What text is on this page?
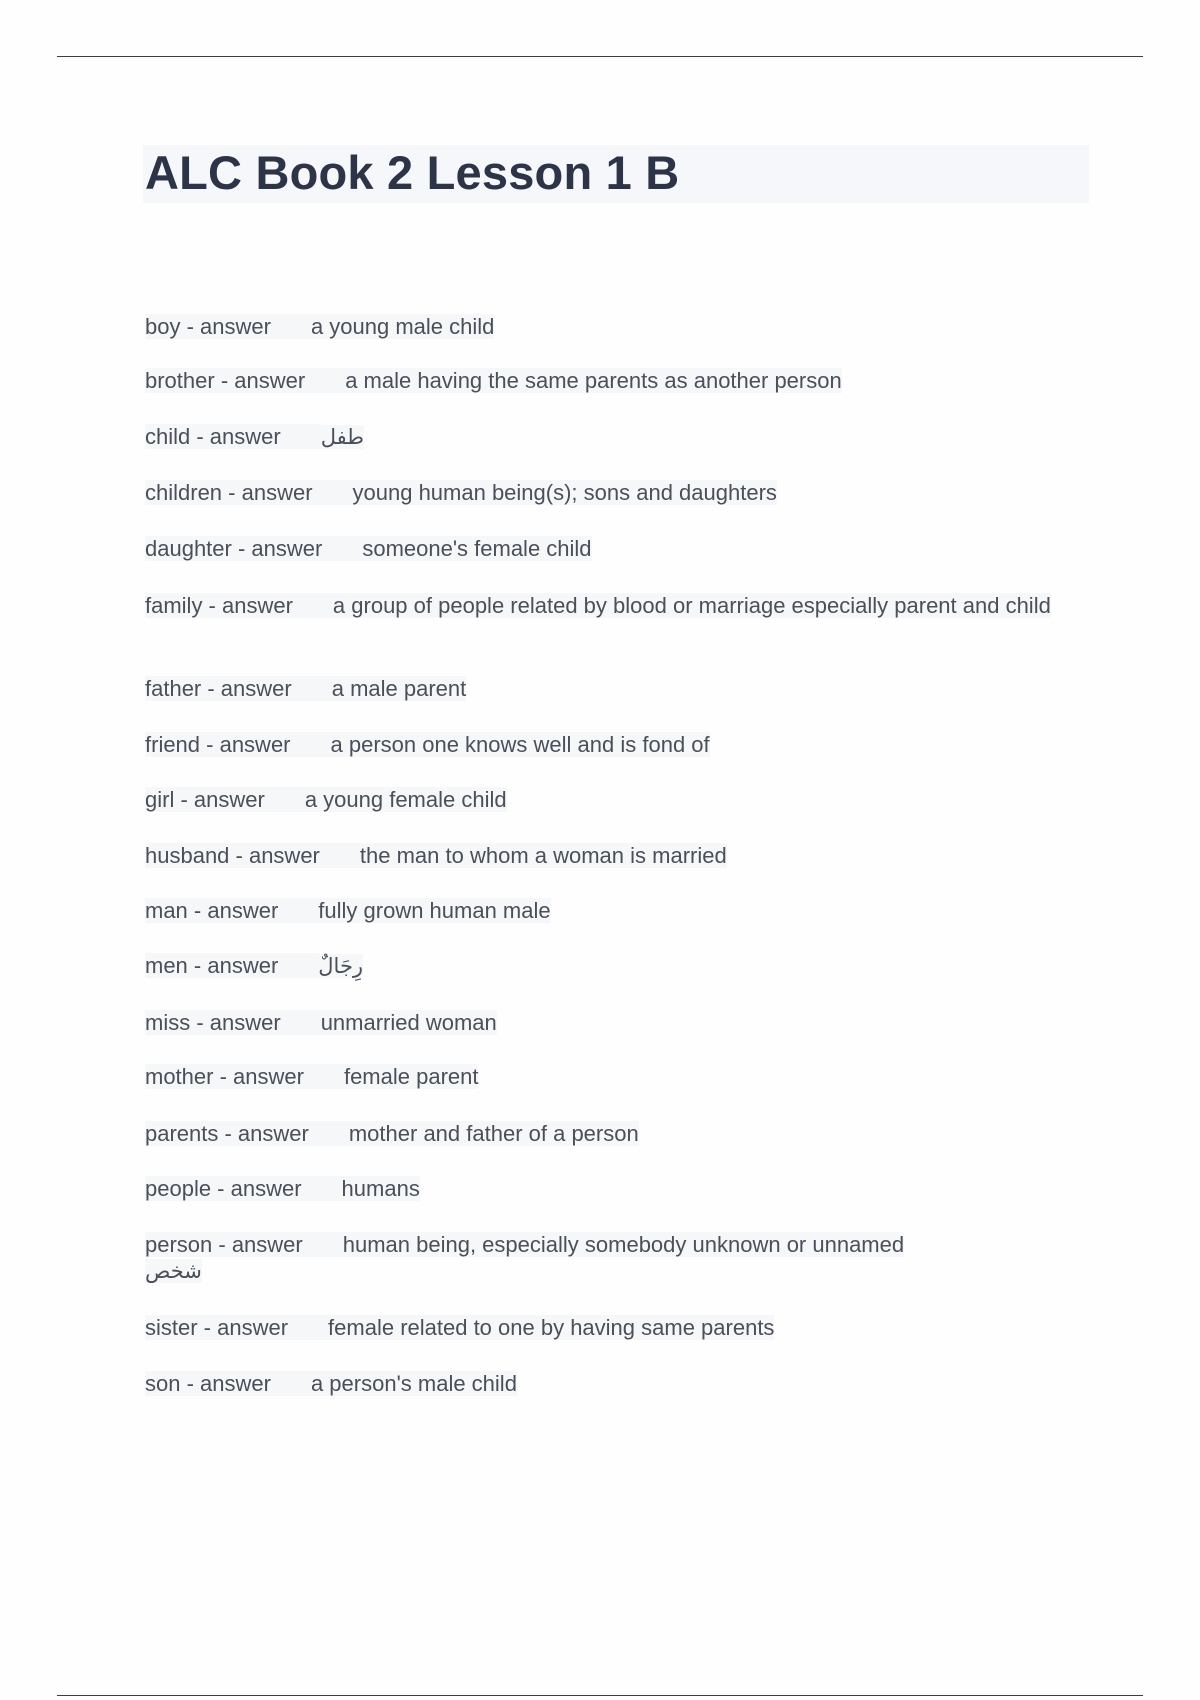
ALC Book 2 Lesson 1 B
boy - answer a young male child
brother - answer a male having the same parents as another person
child - answer طفل
children - answer young human being(s); sons and daughters
daughter - answer someone's female child
family - answer a group of people related by blood or marriage especially parent and child
father - answer a male parent
friend - answer a person one knows well and is fond of
girl - answer a young female child
husband - answer the man to whom a woman is married
man - answer fully grown human male
men - answer رِجَالٌ
miss - answer unmarried woman
mother - answer female parent
parents - answer mother and father of a person
people - answer humans
person - answer human being, especially somebody unknown or unnamed
شخص
sister - answer female related to one by having same parents
son - answer a person's male child
